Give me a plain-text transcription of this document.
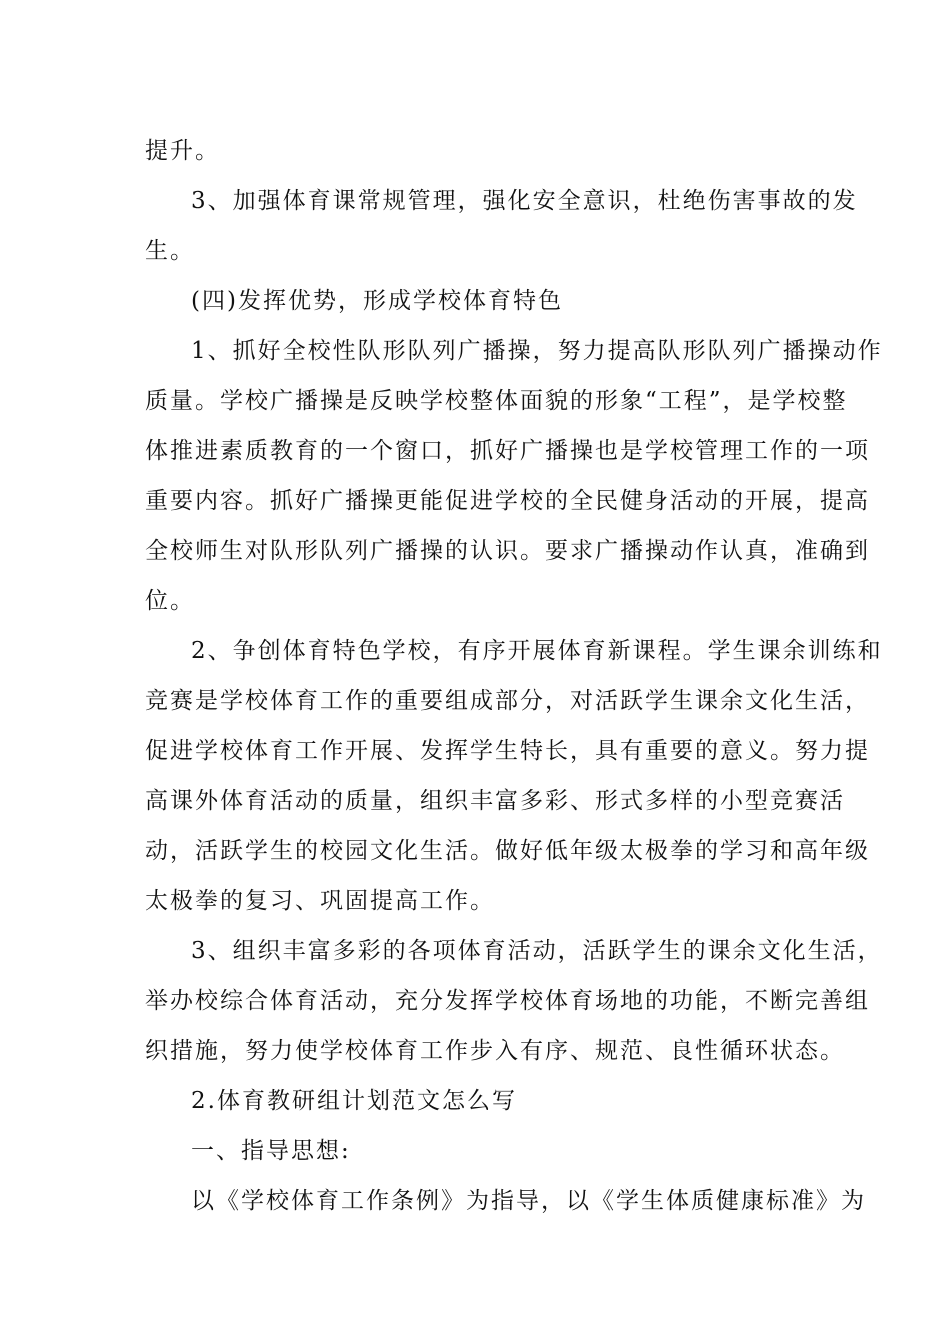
提升。
3、加强体育课常规管理，强化安全意识，杜绝伤害事故的发
生。
(四)发挥优势，形成学校体育特色
1、抓好全校性队形队列广播操，努力提高队形队列广播操动作
质量。学校广播操是反映学校整体面貌的形象“工程”，是学校整
体推进素质教育的一个窗口，抓好广播操也是学校管理工作的一项
重要内容。抓好广播操更能促进学校的全民健身活动的开展，提高
全校师生对队形队列广播操的认识。要求广播操动作认真，准确到
位。
2、争创体育特色学校，有序开展体育新课程。学生课余训练和
竞赛是学校体育工作的重要组成部分，对活跃学生课余文化生活，
促进学校体育工作开展、发挥学生特长，具有重要的意义。努力提
高课外体育活动的质量，组织丰富多彩、形式多样的小型竞赛活
动，活跃学生的校园文化生活。做好低年级太极拳的学习和高年级
太极拳的复习、巩固提高工作。
3、组织丰富多彩的各项体育活动，活跃学生的课余文化生活，
举办校综合体育活动，充分发挥学校体育场地的功能，不断完善组
织措施，努力使学校体育工作步入有序、规范、良性循环状态。
2.体育教研组计划范文怎么写
一、指导思想:
以《学校体育工作条例》为指导，以《学生体质健康标准》为
